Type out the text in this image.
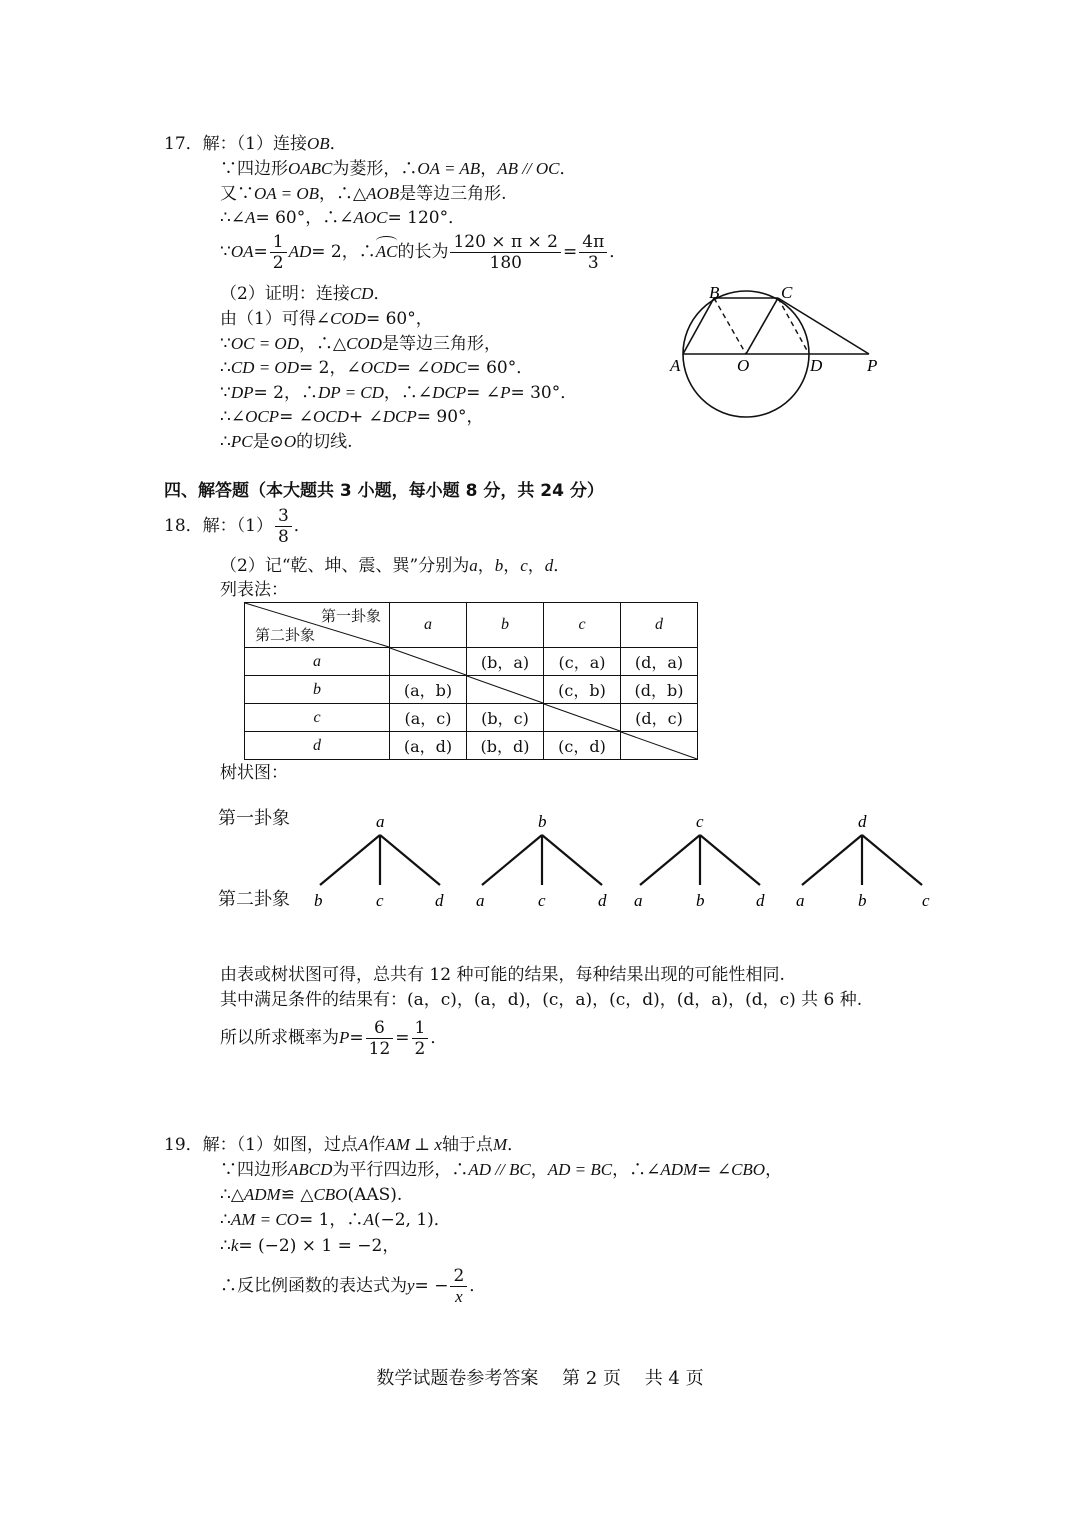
17．解：（1）连接OB．
∵四边形OABC为菱形，∴OA = AB，AB // OC．
又∵OA = OB，∴△AOB是等边三角形.
∴∠A= 60°，∴∠AOC= 120°．
∵OA= $\frac{1}{2} AD= 2$，∴AC的长为 $\frac{120 \times \pi \times 2}{180} = \frac{4\pi}{3}$ ．
（2）证明：连接CD．
由（1）可得∠COD= 60°，
∵OC = OD，∴△COD是等边三角形，
∴CD = OD= 2，∠OCD= ∠ODC= 60°．
∵DP= 2，∴DP = CD，∴∠DCP= ∠P= 30°．
∴∠OCP= ∠OCD+ ∠DCP= 90°，
∴PC是⊙O的切线.
A
B	C
O	D	P
四、解答题（本大题共 3 小题，每小题 8 分，共 24 分）
18．解：$(1) \frac{3}{8}$ ．
（2）记“乾、坤、震、巽”分别为a，b，c，d．
列表法：
第一卦象
第二卦象	a	b	c	d
a		(b，a)	(c，a)	(d，a)
b	(a，b)		(c，b)	(d，b)
c	(a，c)	(b，c)		(d，c)
d	(a，d)	(b，d)	(c，d)	
树状图：
第一卦象
第二卦象
a
b	c	d
b
a	c	d
c
a	b	d
d
a	b	c
由表或树状图可得，总共有 12 种可能的结果，每种结果出现的可能性相同.
其中满足条件的结果有：(a，c)，(a，d)，(c，a)，(c，d)，(d，a)，(d，c) 共 6 种.
所以所求概率为$P= \frac{6}{12} = \frac{1}{2}$ ．
19．解：（1）如图，过点A作AM ⊥ x轴于点M．
∵四边形ABCD为平行四边形，∴AD // BC，AD = BC，∴∠ADM= ∠CBO，
∴△ADM≌ △CBO(AAS).
∴AM = CO= 1，∴A(−2, 1)．
∴k= (−2) × 1 = −2，
∴反比例函数的表达式为$y= - \frac{2}{x}$ ．
数学试题卷参考答案　 第 2 页　 共 4 页
